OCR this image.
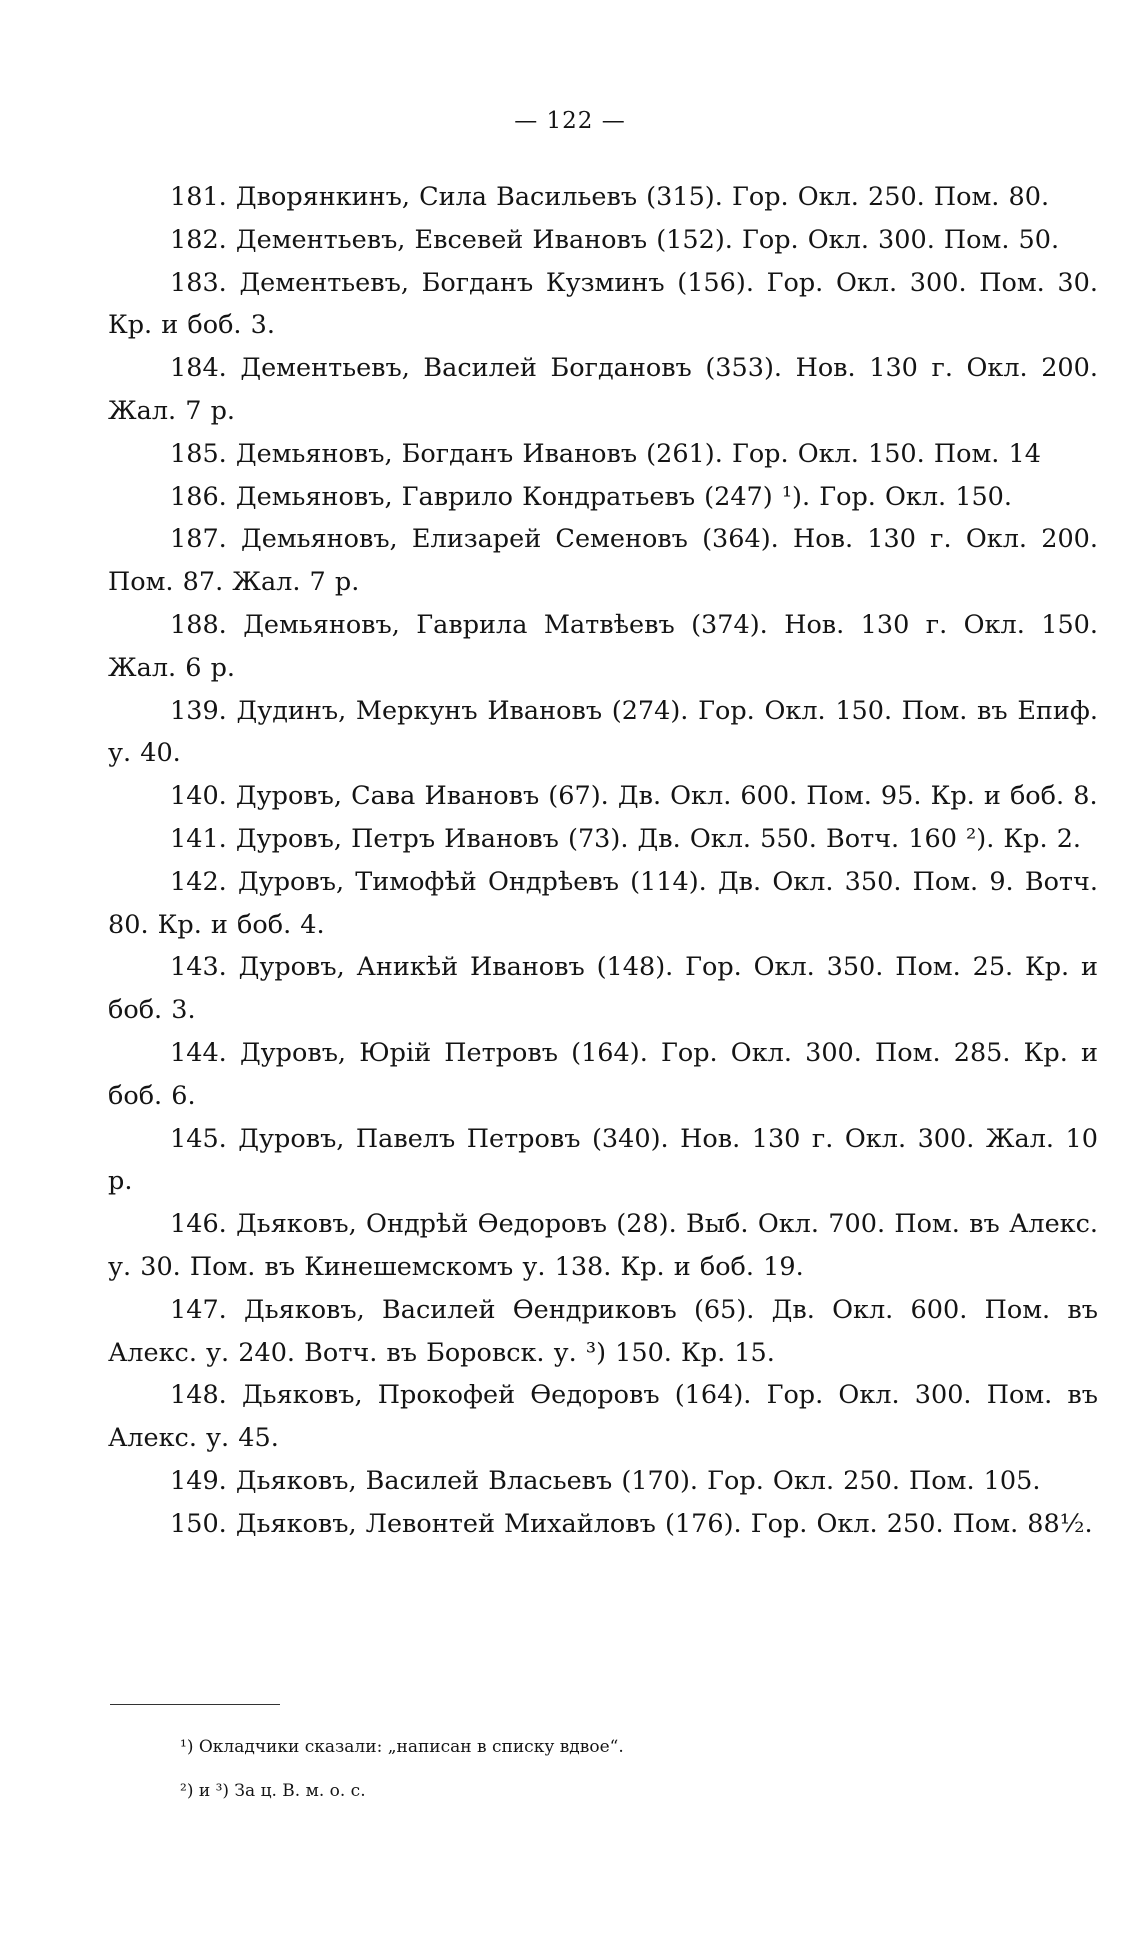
— 122 —

181. Дворянкинъ, Сила Васильевъ (315). Гор. Окл. 250. Пом. 80.

182. Дементьевъ, Евсевей Ивановъ (152). Гор. Окл. 300. Пом. 50.

183. Дементьевъ, Богданъ Кузминъ (156). Гор. Окл. 300. Пом. 30. Кр. и боб. 3.

184. Дементьевъ, Василей Богдановъ (353). Нов. 130 г. Окл. 200. Жал. 7 р.

185. Демьяновъ, Богданъ Ивановъ (261). Гор. Окл. 150. Пом. 14

186. Демьяновъ, Гаврило Кондратьевъ (247) ¹). Гор. Окл. 150.

187. Демьяновъ, Елизарей Семеновъ (364). Нов. 130 г. Окл. 200. Пом. 87. Жал. 7 р.

188. Демьяновъ, Гаврила Матвѣевъ (374). Нов. 130 г. Окл. 150. Жал. 6 р.

139. Дудинъ, Меркунъ Ивановъ (274). Гор. Окл. 150. Пом. въ Епиф. у. 40.

140. Дуровъ, Сава Ивановъ (67). Дв. Окл. 600. Пом. 95. Кр. и боб. 8.

141. Дуровъ, Петръ Ивановъ (73). Дв. Окл. 550. Вотч. 160 ²). Кр. 2.

142. Дуровъ, Тимофѣй Ондрѣевъ (114). Дв. Окл. 350. Пом. 9. Вотч. 80. Кр. и боб. 4.

143. Дуровъ, Аникѣй Ивановъ (148). Гор. Окл. 350. Пом. 25. Кр. и боб. 3.

144. Дуровъ, Юрій Петровъ (164). Гор. Окл. 300. Пом. 285. Кр. и боб. 6.

145. Дуровъ, Павелъ Петровъ (340). Нов. 130 г. Окл. 300. Жал. 10 р.

146. Дьяковъ, Ондрѣй Ѳедоровъ (28). Выб. Окл. 700. Пом. въ Алекс. у. 30. Пом. въ Кинешемскомъ у. 138. Кр. и боб. 19.

147. Дьяковъ, Василей Ѳендриковъ (65). Дв. Окл. 600. Пом. въ Алекс. у. 240. Вотч. въ Боровск. у. ³) 150. Кр. 15.

148. Дьяковъ, Прокофей Ѳедоровъ (164). Гор. Окл. 300. Пом. въ Алекс. у. 45.

149. Дьяковъ, Василей Власьевъ (170). Гор. Окл. 250. Пом. 105.

150. Дьяковъ, Левонтей Михайловъ (176). Гор. Окл. 250. Пом. 88½.

¹) Окладчики сказали: „написан в списку вдвое“.

²) и ³) За ц. В. м. о. с.
